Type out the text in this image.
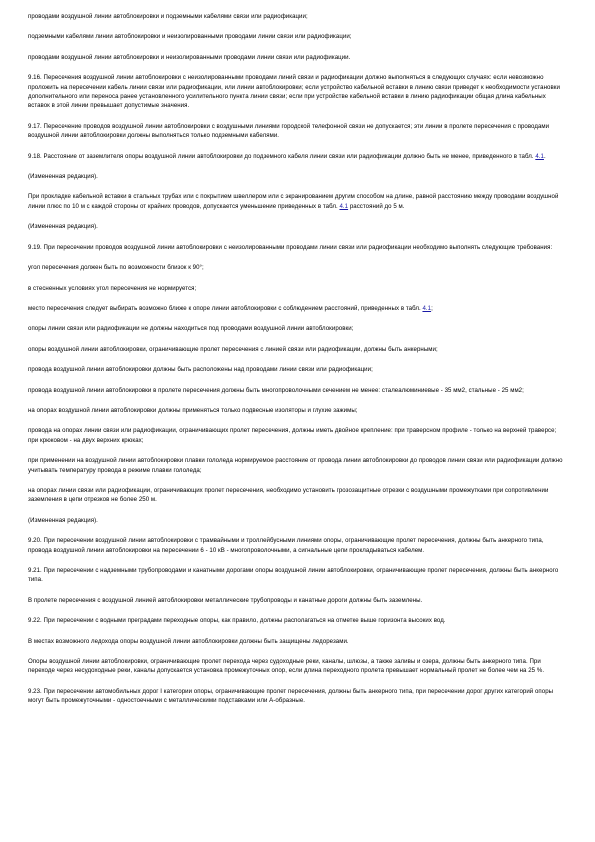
проводами воздушной линии автоблокировки и подземными кабелями связи или радиофикации;

подземными кабелями линии автоблокировки и неизолированными проводами линии связи или радиофикации;

проводами воздушной линии автоблокировки и неизолированными проводами линии связи или радиофикации.

9.16. Пересечения воздушной линии автоблокировки с неизолированными проводами линий связи и радиофикации должно выполняться в следующих случаях: если невозможно проложить на пересечении кабель линии связи или радиофикации, или линии автоблокировки; если устройство кабельной вставки в линию связи приведет к необходимости установки дополнительного или переноса ранее установленного усилительного пункта линии связи; если при устройстве кабельной вставки в линию радиофикации общая длина кабельных вставок в этой линии превышает допустимые значения.

9.17. Пересечение проводов воздушной линии автоблокировки с воздушными линиями городской телефонной связи не допускается; эти линии в пролете пересечения с проводами воздушной линии автоблокировки должны выполняться только подземными кабелями.

9.18. Расстояние от заземлителя опоры воздушной линии автоблокировки до подземного кабеля линии связи или радиофикации должно быть не менее, приведенного в табл. 4.1.

(Измененная редакция).

При прокладке кабельной вставки в стальных трубах или с покрытием швеллером или с экранированием другим способом на длине, равной расстоянию между проводами воздушной линии плюс по 10 м с каждой стороны от крайних проводов, допускается уменьшение приведенных в табл. 4.1 расстояний до 5 м.

(Измененная редакция).

9.19. При пересечении проводов воздушной линии автоблокировки с неизолированными проводами линии связи или радиофикации необходимо выполнять следующие требования:

угол пересечения должен быть по возможности близок к 90°;

в стесненных условиях угол пересечения не нормируется;

место пересечения следует выбирать возможно ближе к опоре линии автоблокировки с соблюдением расстояний, приведенных в табл. 4.1;

опоры линии связи или радиофикации не должны находиться под проводами воздушной линии автоблокировки;

опоры воздушной линии автоблокировки, ограничивающие пролет пересечения с линией связи или радиофикации, должны быть анкерными;

провода воздушной линии автоблокировки должны быть расположены над проводами линии связи или радиофикации;

провода воздушной линии автоблокировки в пролете пересечения должны быть многопроволочными сечением не менее: сталеалюминиевые - 35 мм2, стальные - 25 мм2;

на опорах воздушной линии автоблокировки должны применяться только подвесные изоляторы и глухие зажимы;

провода на опорах линии связи или радиофикации, ограничивающих пролет пересечения, должны иметь двойное крепление: при траверсном профиле - только на верхней траверсе; при крюковом - на двух верхних крюках;

при применении на воздушной линии автоблокировки плавки гололеда нормируемое расстояние от провода линии автоблокировки до проводов линии связи или радиофикации должно учитывать температуру провода в режиме плавки гололеда;

на опорах линии связи или радиофикации, ограничивающих пролет пересечения, необходимо установить грозозащитные отрезки с воздушными промежутками при сопротивлении заземления в цепи отрезков не более 250 м.

(Измененная редакция).

9.20. При пересечении воздушной линии автоблокировки с трамвайными и троллейбусными линиями опоры, ограничивающие пролет пересечения, должны быть анкерного типа, провода воздушной линии автоблокировки на пересечении 6 - 10 кВ - многопроволочными, а сигнальные цепи прокладываться кабелем.

9.21. При пересечении с надземными трубопроводами и канатными дорогами опоры воздушной линии автоблокировки, ограничивающие пролет пересечения, должны быть анкерного типа.

В пролете пересечения с воздушной линией автоблокировки металлические трубопроводы и канатные дороги должны быть заземлены.

9.22. При пересечении с водными преградами переходные опоры, как правило, должны располагаться на отметке выше горизонта высоких вод.

В местах возможного ледохода опоры воздушной линии автоблокировки должны быть защищены ледорезами.

Опоры воздушной линии автоблокировки, ограничивающие пролет перехода через судоходные реки, каналы, шлюзы, а также заливы и озера, должны быть анкерного типа. При переходе через несудоходные реки, каналы допускается установка промежуточных опор, если длина переходного пролета превышает нормальный пролет не более чем на 25 %.

9.23. При пересечении автомобильных дорог I категории опоры, ограничивающие пролет пересечения, должны быть анкерного типа, при пересечении дорог других категорий опоры могут быть промежуточными - одностоечными с металлическими подставками или А-образные.
